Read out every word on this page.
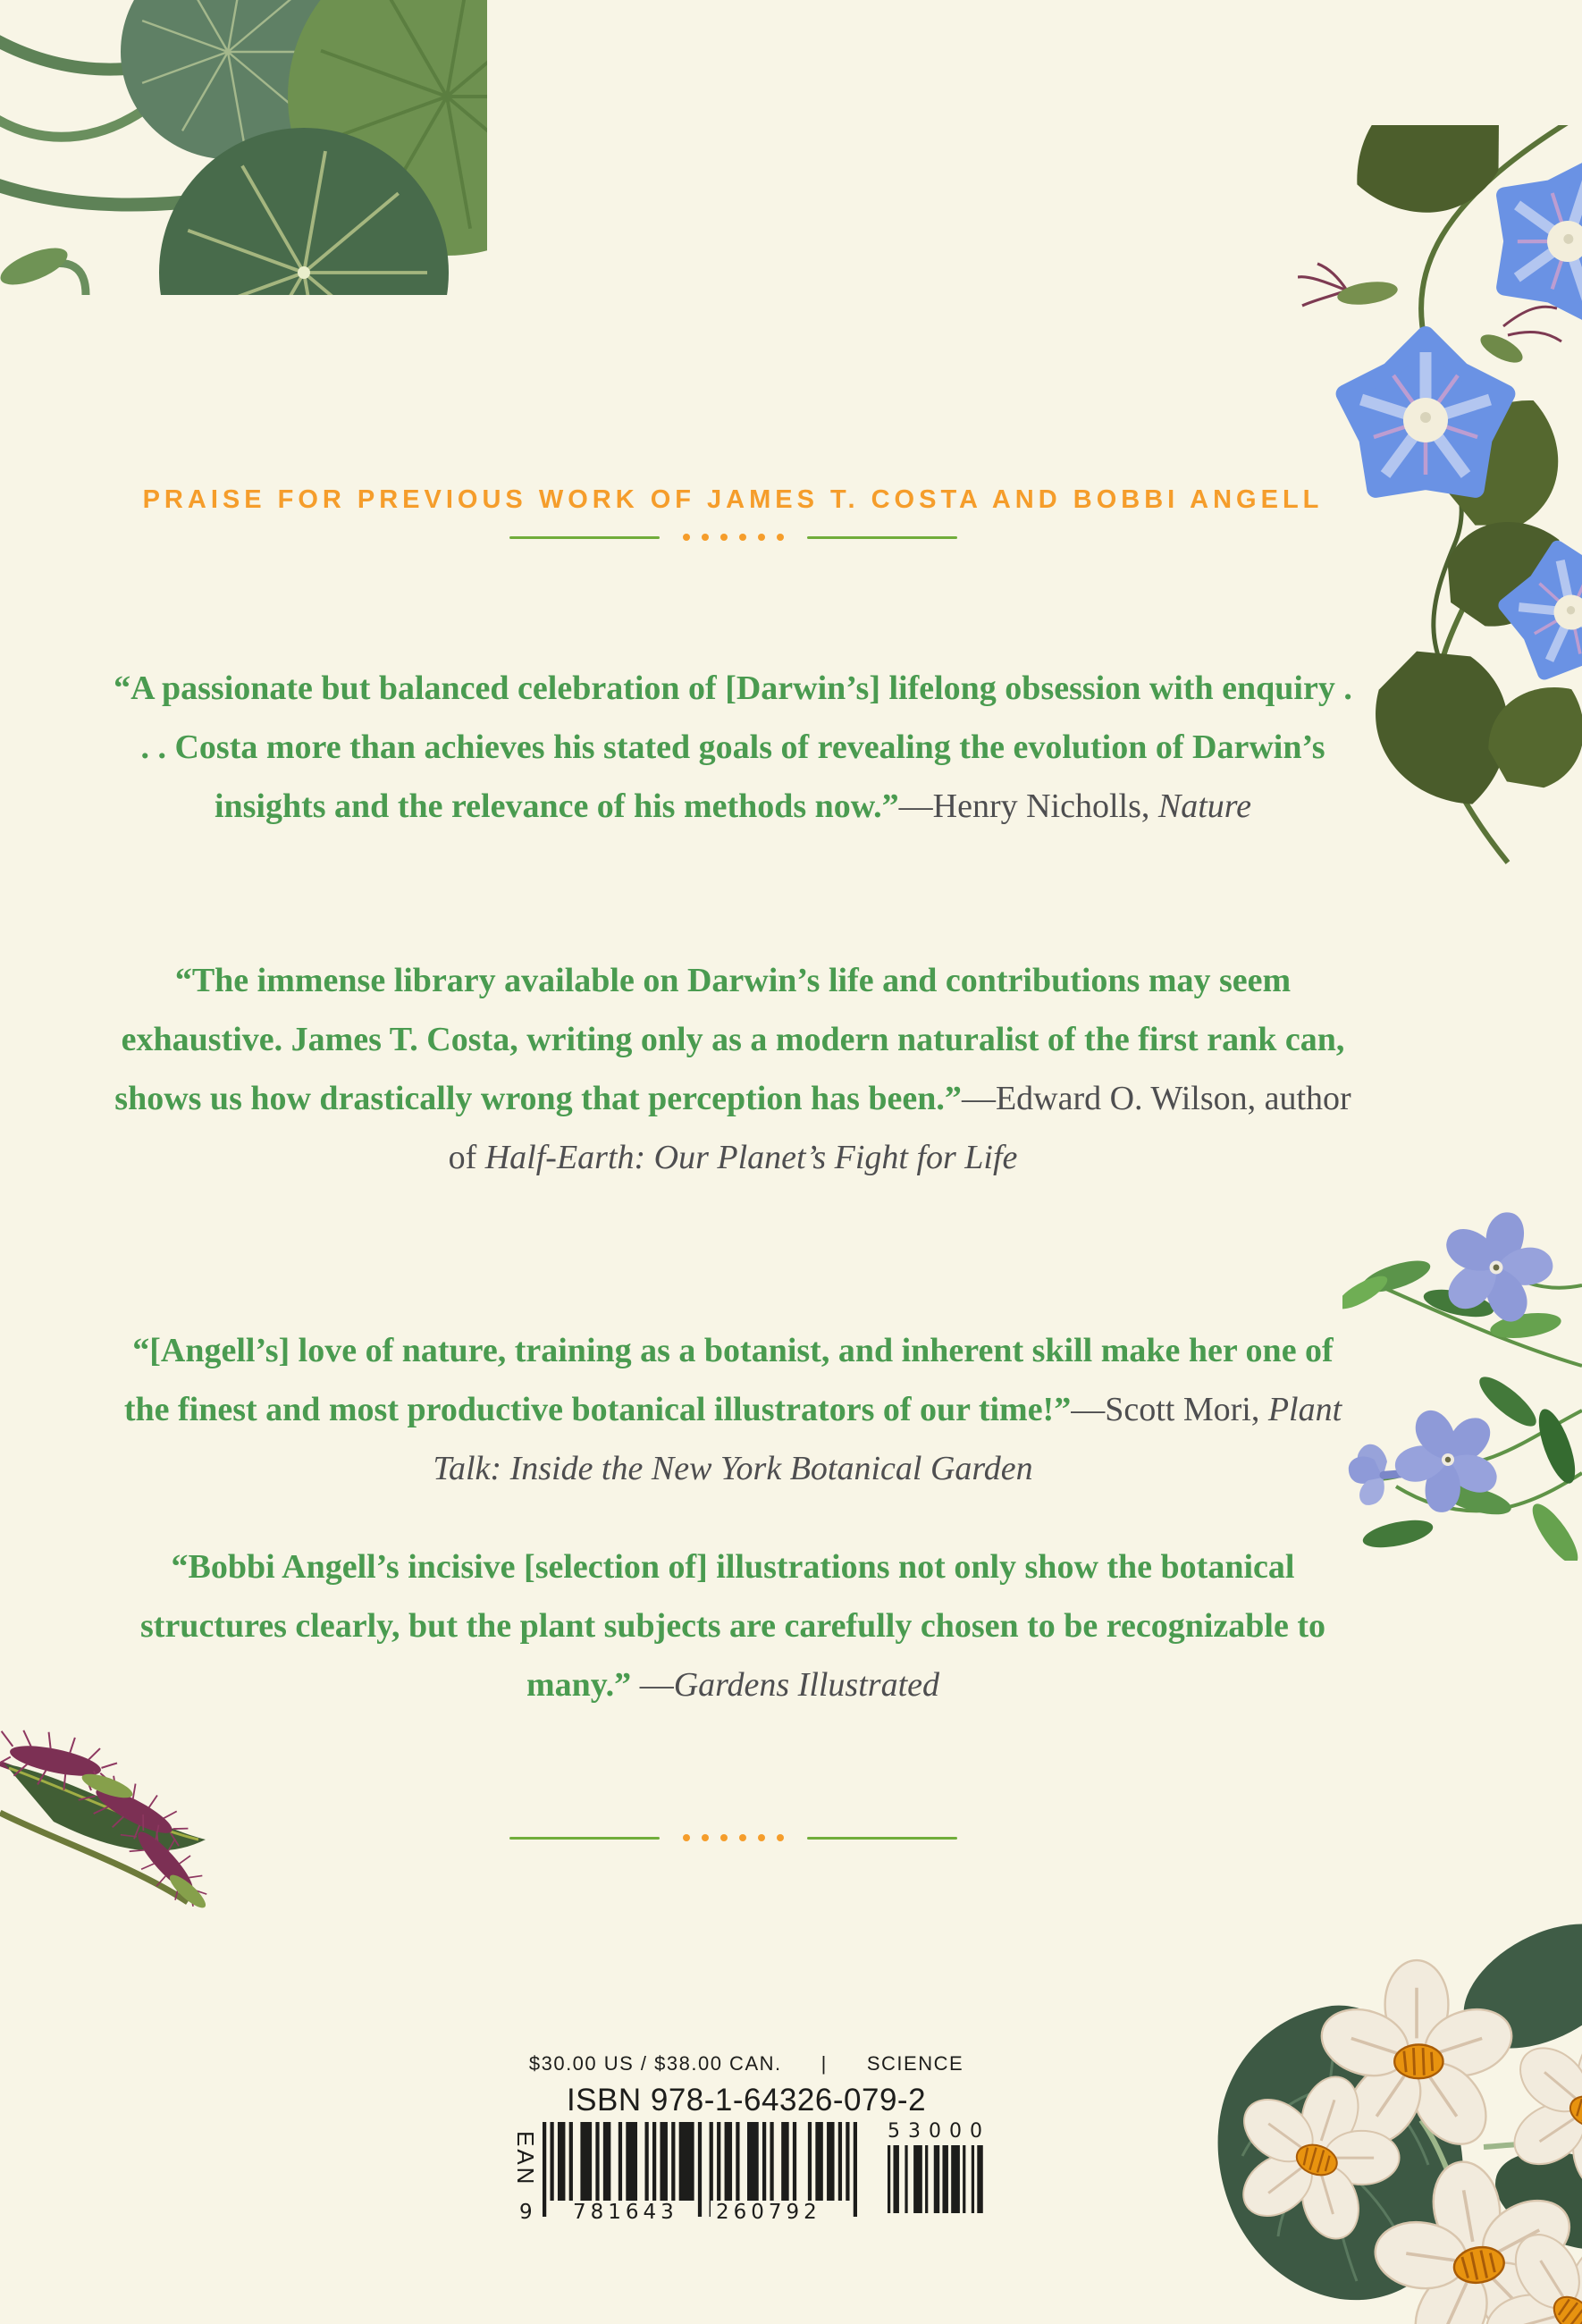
PRAISE FOR PREVIOUS WORK OF JAMES T. COSTA AND BOBBI ANGELL

“A passionate but balanced celebration of [Darwin’s] lifelong obsession with enquiry . . . Costa more than achieves his stated goals of revealing the evolution of Darwin’s insights and the relevance of his methods now.”—Henry Nicholls, Nature

“The immense library available on Darwin’s life and contributions may seem exhaustive. James T. Costa, writing only as a modern naturalist of the first rank can, shows us how drastically wrong that perception has been.”—Edward O. Wilson, author of Half-Earth: Our Planet’s Fight for Life

“[Angell’s] love of nature, training as a botanist, and inherent skill make her one of the finest and most productive botanical illustrators of our time!”—Scott Mori, Plant Talk: Inside the New York Botanical Garden

“Bobbi Angell’s incisive [selection of] illustrations not only show the botanical structures clearly, but the plant subjects are carefully chosen to be recognizable to many.” —Gardens Illustrated

$30.00 US / $38.00 CAN. | SCIENCE
ISBN 978-1-64326-079-2
EAN
9 781643 260792
53000
